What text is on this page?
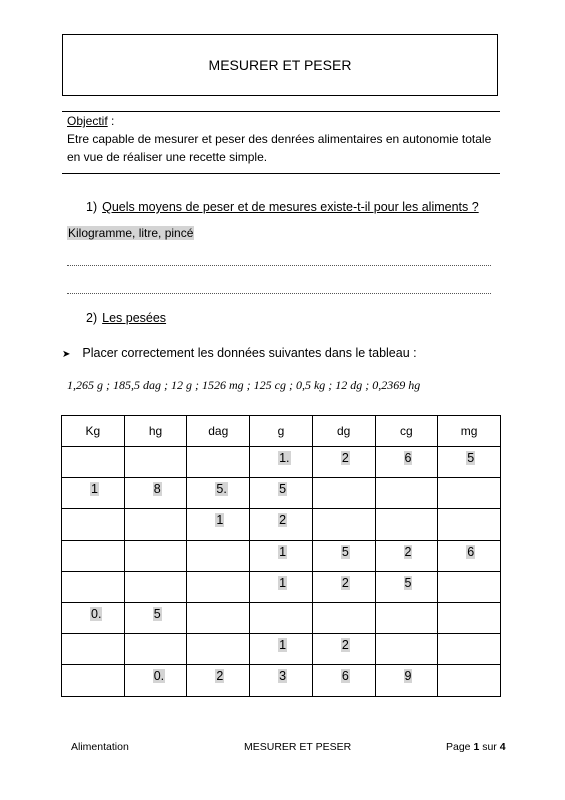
MESURER ET PESER
Objectif :
Etre capable de mesurer et peser des denrées alimentaires en autonomie totale
en vue de réaliser une recette simple.
1) Quels moyens de peser et de mesures existe-t-il pour les aliments ?
Kilogramme, litre, pincé
2) Les pesées
➤ Placer correctement les données suivantes dans le tableau :
1,265 g ; 185,5 dag ; 12 g ; 1526 mg ; 125 cg ; 0,5 kg ; 12 dg ; 0,2369 hg
Kg	hg	dag	g	dg	cg	mg
			1.	2	6	5
1	8	5.	5			
		1	2			
			1	5	2	6
			1	2	5	
0.	5					
			1	2		
	0.	2	3	6	9	
Alimentation	MESURER ET PESER	Page 1 sur 4
